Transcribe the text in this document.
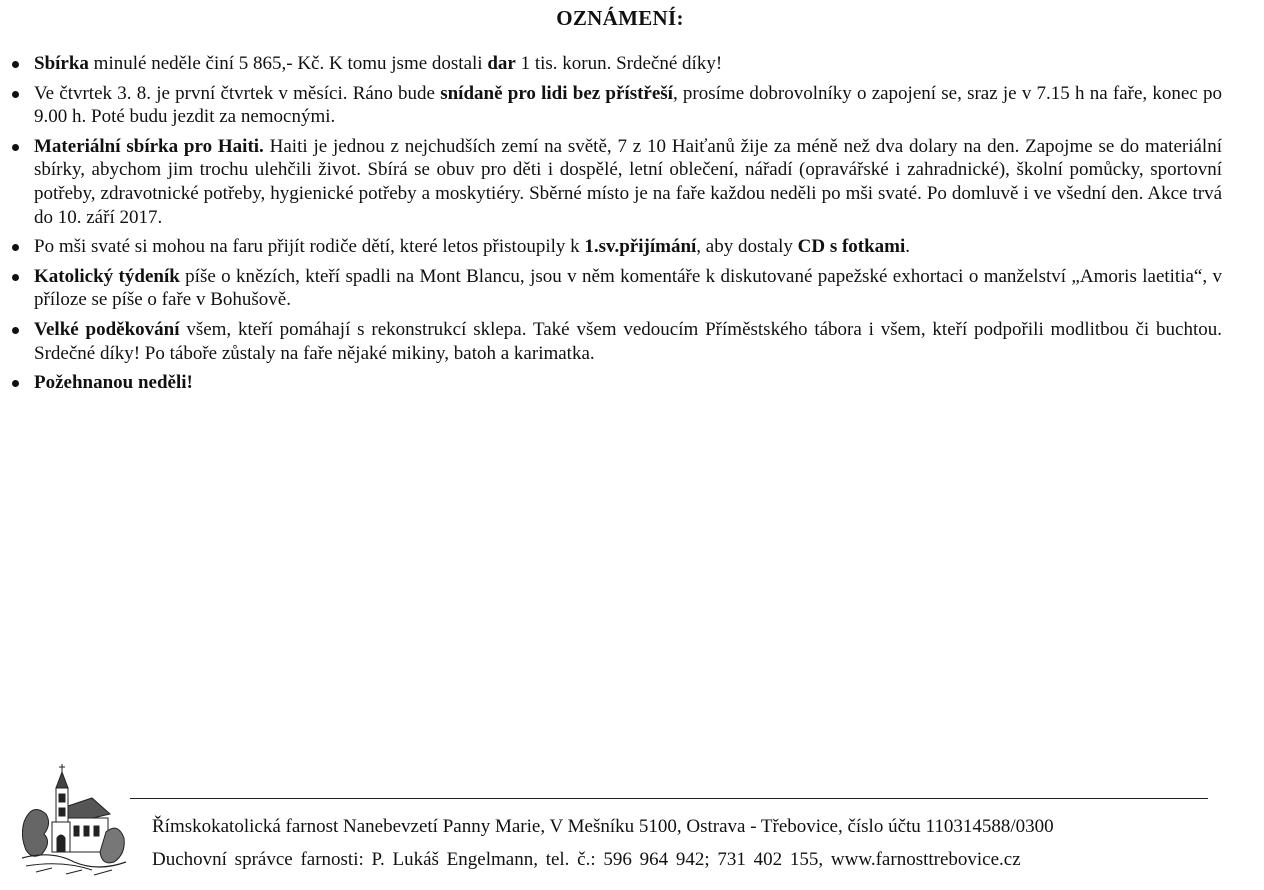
OZNÁMENÍ:
Sbírka minulé neděle činí 5 865,- Kč. K tomu jsme dostali dar 1 tis. korun. Srdečné díky!
Ve čtvrtek 3. 8. je první čtvrtek v měsíci. Ráno bude snídaně pro lidi bez přístřeší, prosíme dobrovolníky o zapojení se, sraz je v 7.15 h na faře, konec po 9.00 h. Poté budu jezdit za nemocnými.
Materiální sbírka pro Haiti. Haiti je jednou z nejchudších zemí na světě, 7 z 10 Haiťanů žije za méně než dva dolary na den. Zapojme se do materiální sbírky, abychom jim trochu ulehčili život. Sbírá se obuv pro děti i dospělé, letní oblečení, nářadí (opravářské i zahradnické), školní pomůcky, sportovní potřeby, zdravotnické potřeby, hygienické potřeby a moskytiéry. Sběrné místo je na faře každou neděli po mši svaté. Po domluvě i ve všední den. Akce trvá do 10. září 2017.
Po mši svaté si mohou na faru přijít rodiče dětí, které letos přistoupily k 1.sv.přijímání, aby dostaly CD s fotkami.
Katolický týdeník píše o knězích, kteří spadli na Mont Blancu, jsou v něm komentáře k diskutované papežské exhortaci o manželství „Amoris laetitia“, v příloze se píše o faře v Bohušově.
Velké poděkování všem, kteří pomáhají s rekonstrukcí sklepa. Také všem vedoucím Příměstského tábora i všem, kteří podpořili modlitbou či buchtou. Srdečné díky! Po táboře zůstaly na faře nějaké mikiny, batoh a karimatka.
Požehnanou neděli!
Římskokatolická farnost Nanebevzetí Panny Marie, V Mešníku 5100, Ostrava - Třebovice, číslo účtu 110314588/0300
Duchovní správce farnosti: P. Lukáš Engelmann, tel. č.: 596 964 942; 731 402 155, www.farnosttrebovice.cz
